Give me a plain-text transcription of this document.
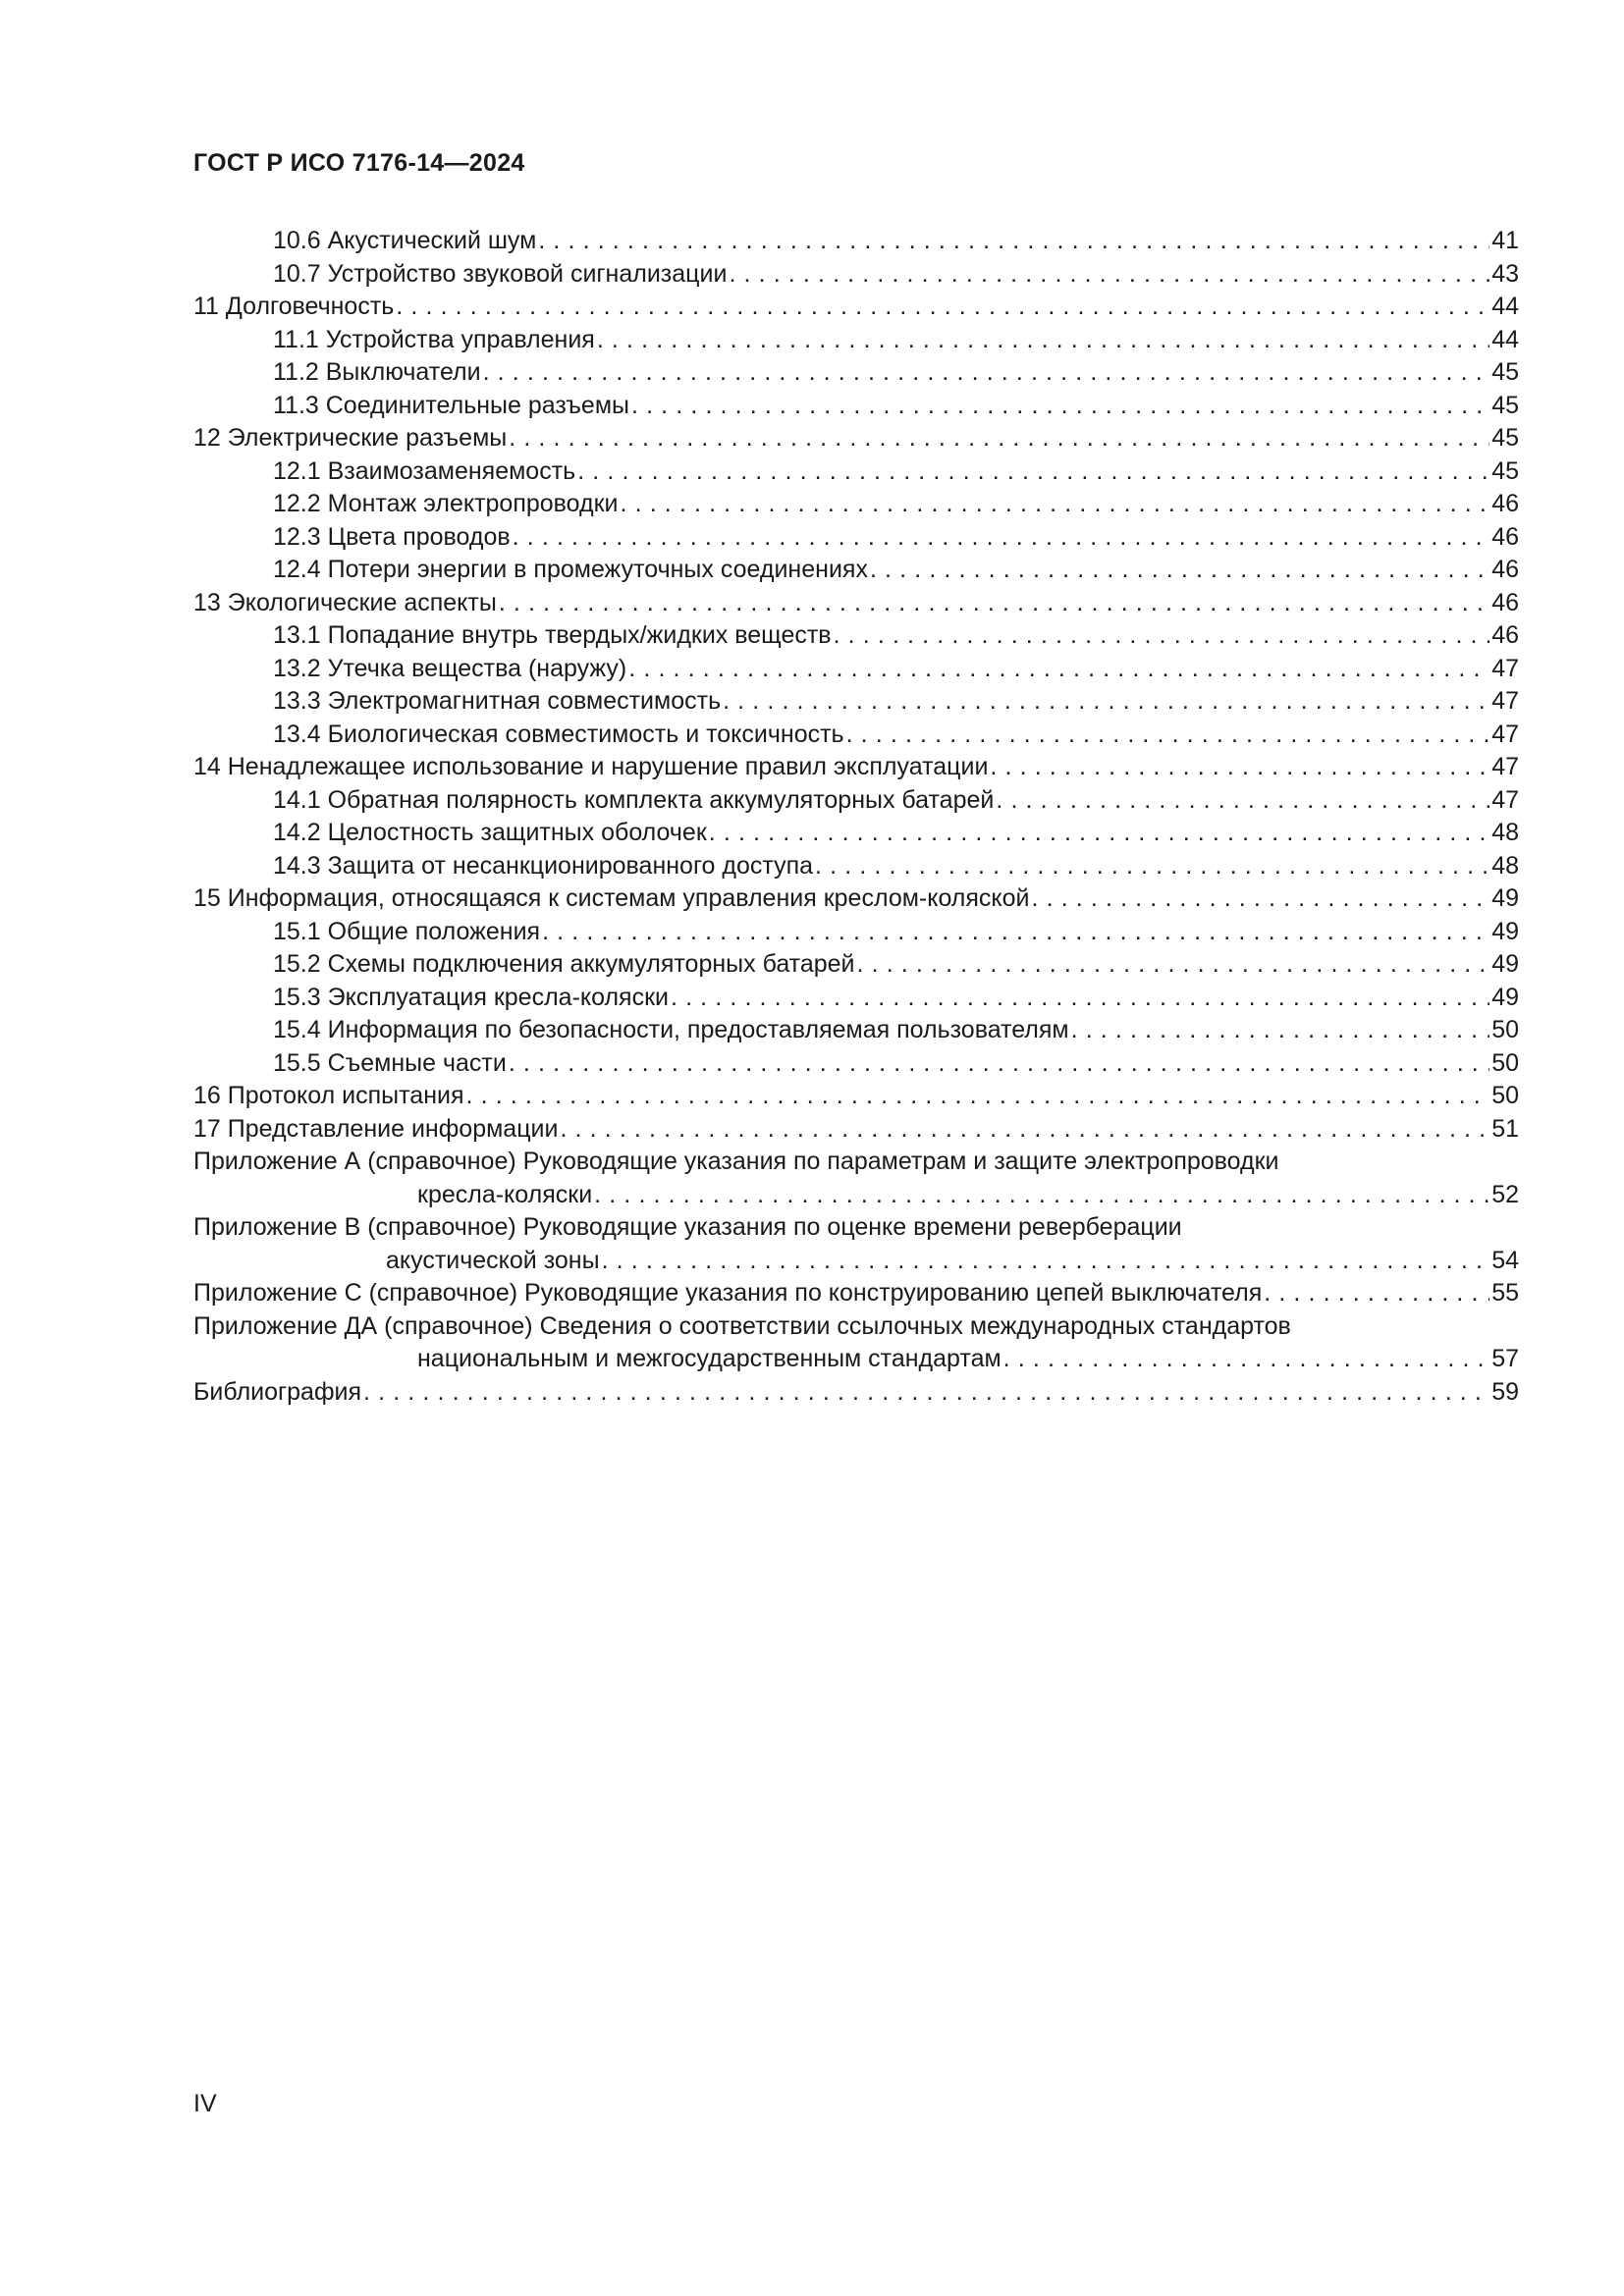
ГОСТ Р ИСО 7176-14—2024
10.6 Акустический шум . . .	41
10.7 Устройство звуковой сигнализации . . .	43
11 Долговечность . . .	44
11.1 Устройства управления . . .	44
11.2 Выключатели . . .	45
11.3 Соединительные разъемы . . .	45
12 Электрические разъемы . . .	45
12.1 Взаимозаменяемость . . .	45
12.2 Монтаж электропроводки . . .	46
12.3 Цвета проводов . . .	46
12.4 Потери энергии в промежуточных соединениях . . .	46
13 Экологические аспекты . . .	46
13.1 Попадание внутрь твердых/жидких веществ . . .	46
13.2 Утечка вещества (наружу) . . .	47
13.3 Электромагнитная совместимость . . .	47
13.4 Биологическая совместимость и токсичность . . .	47
14 Ненадлежащее использование и нарушение правил эксплуатации . . .	47
14.1 Обратная полярность комплекта аккумуляторных батарей . . .	47
14.2 Целостность защитных оболочек . . .	48
14.3 Защита от несанкционированного доступа . . .	48
15 Информация, относящаяся к системам управления креслом-коляской . . .	49
15.1 Общие положения . . .	49
15.2 Схемы подключения аккумуляторных батарей . . .	49
15.3 Эксплуатация кресла-коляски . . .	49
15.4 Информация по безопасности, предоставляемая пользователям . . .	50
15.5 Съемные части . . .	50
16 Протокол испытания . . .	50
17 Представление информации . . .	51
Приложение А (справочное) Руководящие указания по параметрам и защите электропроводки
кресла-коляски . . .	52
Приложение В (справочное) Руководящие указания по оценке времени реверберации
акустической зоны . . .	54
Приложение С (справочное) Руководящие указания по конструированию цепей выключателя . . .	55
Приложение ДА (справочное) Сведения о соответствии ссылочных международных стандартов
национальным и межгосударственным стандартам . . .	57
Библиография . . .	59
IV
